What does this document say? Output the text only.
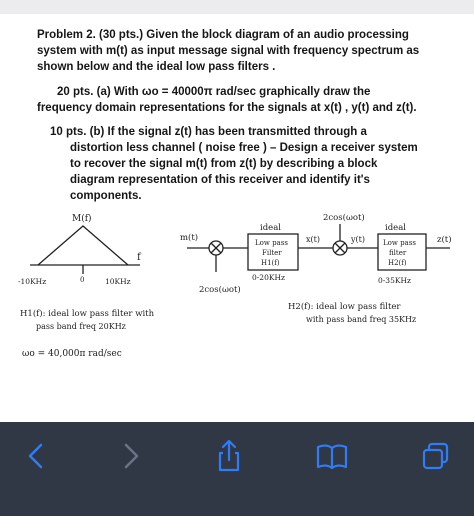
Problem 2. (30 pts.) Given the block diagram of an audio processing
system with m(t) as input message signal with frequency spectrum as
shown below and the ideal low pass filters .
20 pts. (a) With ωo = 40000π rad/sec graphically draw the
frequency domain representations for the signals at x(t) , y(t) and z(t).
10 pts. (b) If the signal z(t) has been transmitted through a
distortion less channel ( noise free ) – Design a receiver system
to recover the signal m(t) from z(t) by describing a block
diagram representation of this receiver and identify it's
components.
M(f)
f
-10KHz	0	10KHz
m(t)
2cos(ωot)
ideal
Low pass
Filter
H1(f)
0-20KHz
x(t)
2cos(ωot)
y(t)
ideal
Low pass
filter
H2(f)
0-35KHz
z(t)
H1(f): ideal low pass filter with
pass band freq 20KHz
H2(f): ideal low pass filter
with pass band freq 35KHz
ωo = 40,000π rad/sec
